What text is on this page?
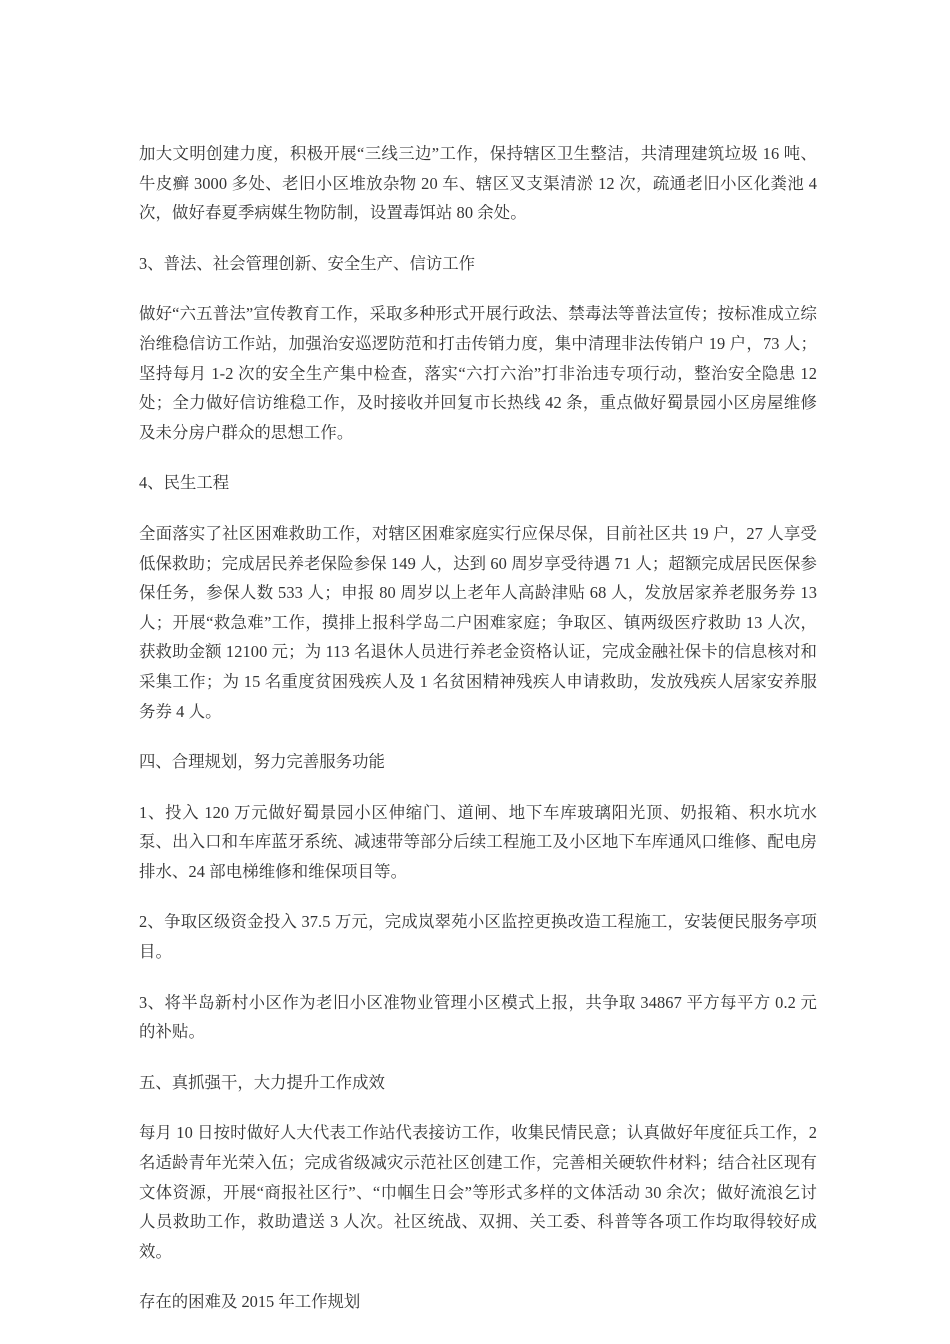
加大文明创建力度，积极开展“三线三边”工作，保持辖区卫生整洁，共清理建筑垃圾 16 吨、牛皮癣 3000 多处、老旧小区堆放杂物 20 车、辖区叉支渠清淤 12 次，疏通老旧小区化粪池 4 次，做好春夏季病媒生物防制，设置毒饵站 80 余处。

3、普法、社会管理创新、安全生产、信访工作

做好“六五普法”宣传教育工作，采取多种形式开展行政法、禁毒法等普法宣传；按标准成立综治维稳信访工作站，加强治安巡逻防范和打击传销力度，集中清理非法传销户 19 户，73 人；坚持每月 1-2 次的安全生产集中检查，落实“六打六治”打非治违专项行动，整治安全隐患 12 处；全力做好信访维稳工作，及时接收并回复市长热线 42 条，重点做好蜀景园小区房屋维修及未分房户群众的思想工作。

4、民生工程

全面落实了社区困难救助工作，对辖区困难家庭实行应保尽保，目前社区共 19 户，27 人享受低保救助；完成居民养老保险参保 149 人，达到 60 周岁享受待遇 71 人；超额完成居民医保参保任务，参保人数 533 人；申报 80 周岁以上老年人高龄津贴 68 人，发放居家养老服务券 13 人；开展“救急难”工作，摸排上报科学岛二户困难家庭；争取区、镇两级医疗救助 13 人次，获救助金额 12100 元；为 113 名退休人员进行养老金资格认证，完成金融社保卡的信息核对和采集工作；为 15 名重度贫困残疾人及 1 名贫困精神残疾人申请救助，发放残疾人居家安养服务券 4 人。

四、合理规划，努力完善服务功能

1、投入 120 万元做好蜀景园小区伸缩门、道闸、地下车库玻璃阳光顶、奶报箱、积水坑水泵、出入口和车库蓝牙系统、减速带等部分后续工程施工及小区地下车库通风口维修、配电房排水、24 部电梯维修和维保项目等。

2、争取区级资金投入 37.5 万元，完成岚翠苑小区监控更换改造工程施工，安装便民服务亭项目。

3、将半岛新村小区作为老旧小区准物业管理小区模式上报，共争取 34867 平方每平方 0.2 元的补贴。

五、真抓强干，大力提升工作成效

每月 10 日按时做好人大代表工作站代表接访工作，收集民情民意；认真做好年度征兵工作，2 名适龄青年光荣入伍；完成省级减灾示范社区创建工作，完善相关硬软件材料；结合社区现有文体资源，开展“商报社区行”、“巾帼生日会”等形式多样的文体活动 30 余次；做好流浪乞讨人员救助工作，救助遣送 3 人次。社区统战、双拥、关工委、科普等各项工作均取得较好成效。

存在的困难及 2015 年工作规划
